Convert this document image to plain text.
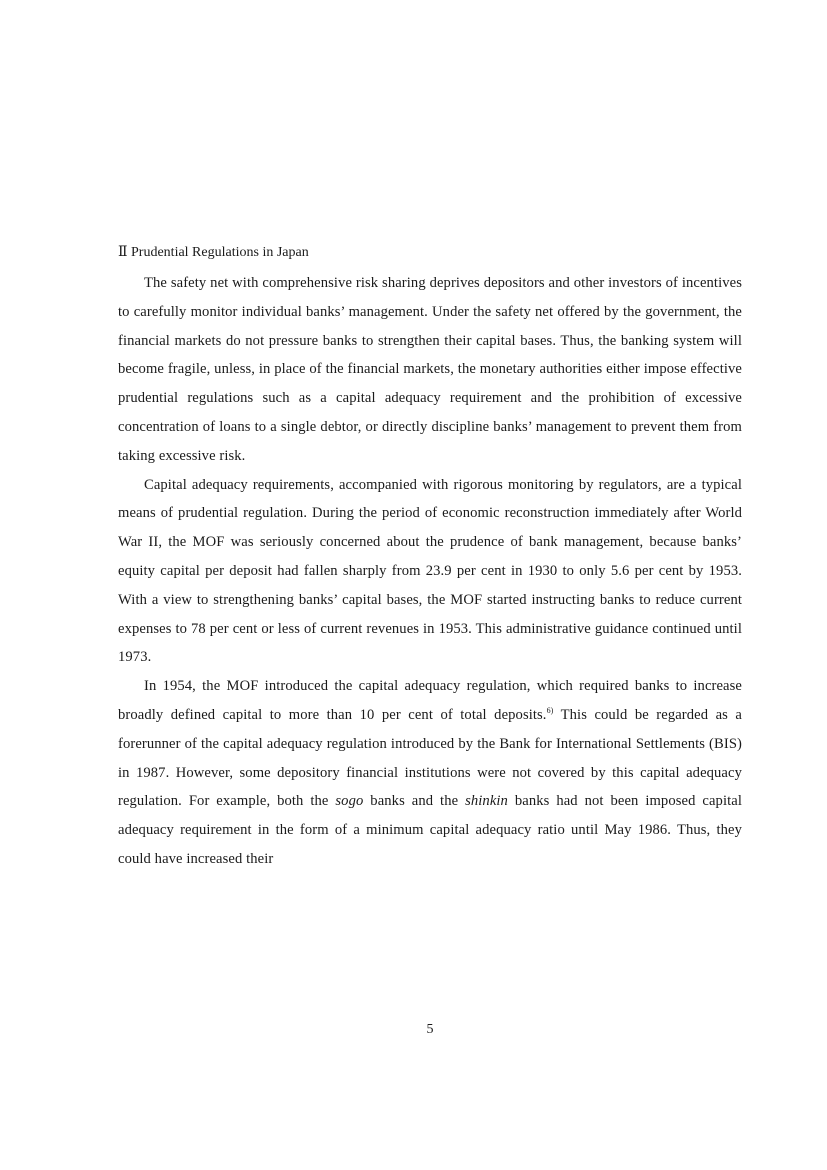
Ⅱ Prudential Regulations in Japan

The safety net with comprehensive risk sharing deprives depositors and other investors of incentives to carefully monitor individual banks’ management. Under the safety net offered by the government, the financial markets do not pressure banks to strengthen their capital bases. Thus, the banking system will become fragile, unless, in place of the financial markets, the monetary authorities either impose effective prudential regulations such as a capital adequacy requirement and the prohibition of excessive concentration of loans to a single debtor, or directly discipline banks’ management to prevent them from taking excessive risk.

Capital adequacy requirements, accompanied with rigorous monitoring by regulators, are a typical means of prudential regulation. During the period of economic reconstruction immediately after World War II, the MOF was seriously concerned about the prudence of bank management, because banks’ equity capital per deposit had fallen sharply from 23.9 per cent in 1930 to only 5.6 per cent by 1953. With a view to strengthening banks’ capital bases, the MOF started instructing banks to reduce current expenses to 78 per cent or less of current revenues in 1953. This administrative guidance continued until 1973.

In 1954, the MOF introduced the capital adequacy regulation, which required banks to increase broadly defined capital to more than 10 per cent of total deposits.$^{6)}$ This could be regarded as a forerunner of the capital adequacy regulation introduced by the Bank for International Settlements (BIS) in 1987. However, some depository financial institutions were not covered by this capital adequacy regulation. For example, both the sogo banks and the shinkin banks had not been imposed capital adequacy requirement in the form of a minimum capital adequacy ratio until May 1986. Thus, they could have increased their

5
